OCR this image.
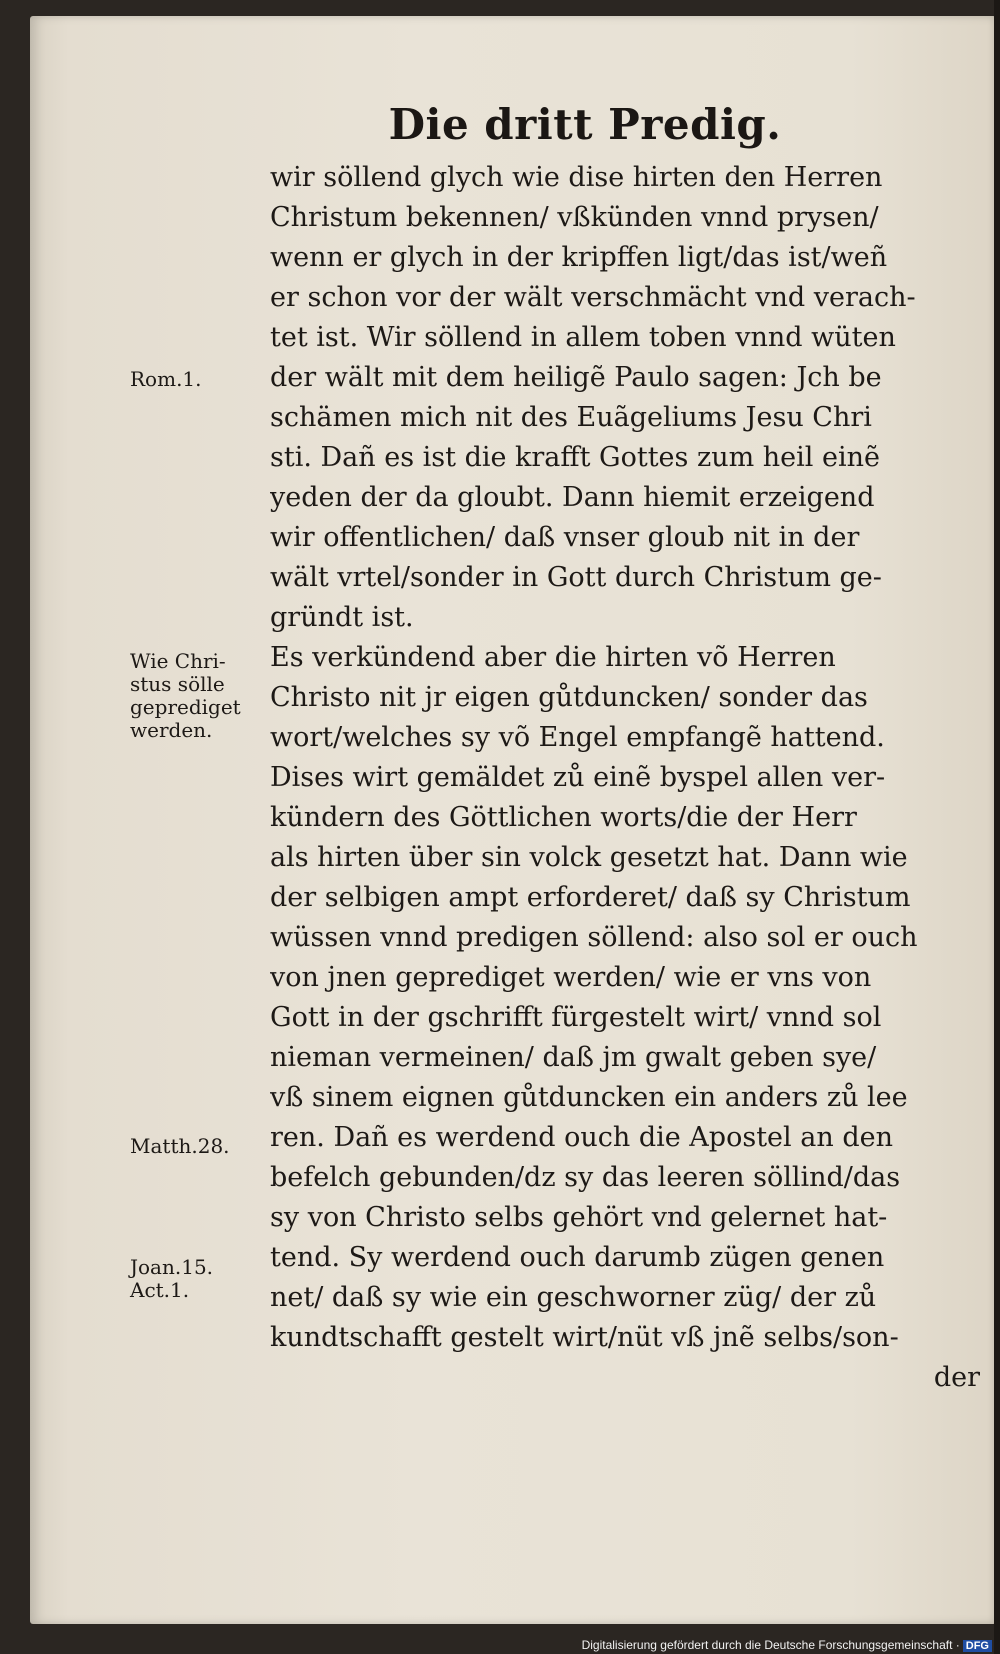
Die dritt Predig.
wir söllend glych wie dise hirten den Herren
Christum bekennen/ vßkünden vnnd prysen/
wenn er glych in der kripffen ligt/das ist/weñ
er schon vor der wält verschmächt vnd verach-
tet ist. Wir söllend in allem toben vnnd wüten
der wält mit dem heiligẽ Paulo sagen: Jch be
schämen mich nit des Euãgeliums Jesu Chri
sti. Dañ es ist die krafft Gottes zum heil einẽ
yeden der da gloubt. Dann hiemit erzeigend
wir offentlichen/ daß vnser gloub nit in der
wält vrtel/sonder in Gott durch Christum ge-
gründt ist.
Es verkündend aber die hirten võ Herren
Christo nit jr eigen gůtduncken/ sonder das
wort/welches sy võ Engel empfangẽ hattend.
Dises wirt gemäldet zů einẽ byspel allen ver-
kündern des Göttlichen worts/die der Herr
als hirten über sin volck gesetzt hat. Dann wie
der selbigen ampt erforderet/ daß sy Christum
wüssen vnnd predigen söllend: also sol er ouch
von jnen geprediget werden/ wie er vns von
Gott in der gschrifft fürgestelt wirt/ vnnd sol
nieman vermeinen/ daß jm gwalt geben sye/
vß sinem eignen gůtduncken ein anders zů lee
ren. Dañ es werdend ouch die Apostel an den
befelch gebunden/dz sy das leeren söllind/das
sy von Christo selbs gehört vnd gelernet hat-
tend. Sy werdend ouch darumb zügen genen
net/ daß sy wie ein geschworner züg/ der zů
kundtschafft gestelt wirt/nüt vß jnẽ selbs/son-
der
Rom.1.
Wie Chri-
stus sölle
geprediget
werden.
Matth.28.
Joan.15.
Act.1.
Digitalisierung gefördert durch die Deutsche Forschungsgemeinschaft · DFG
